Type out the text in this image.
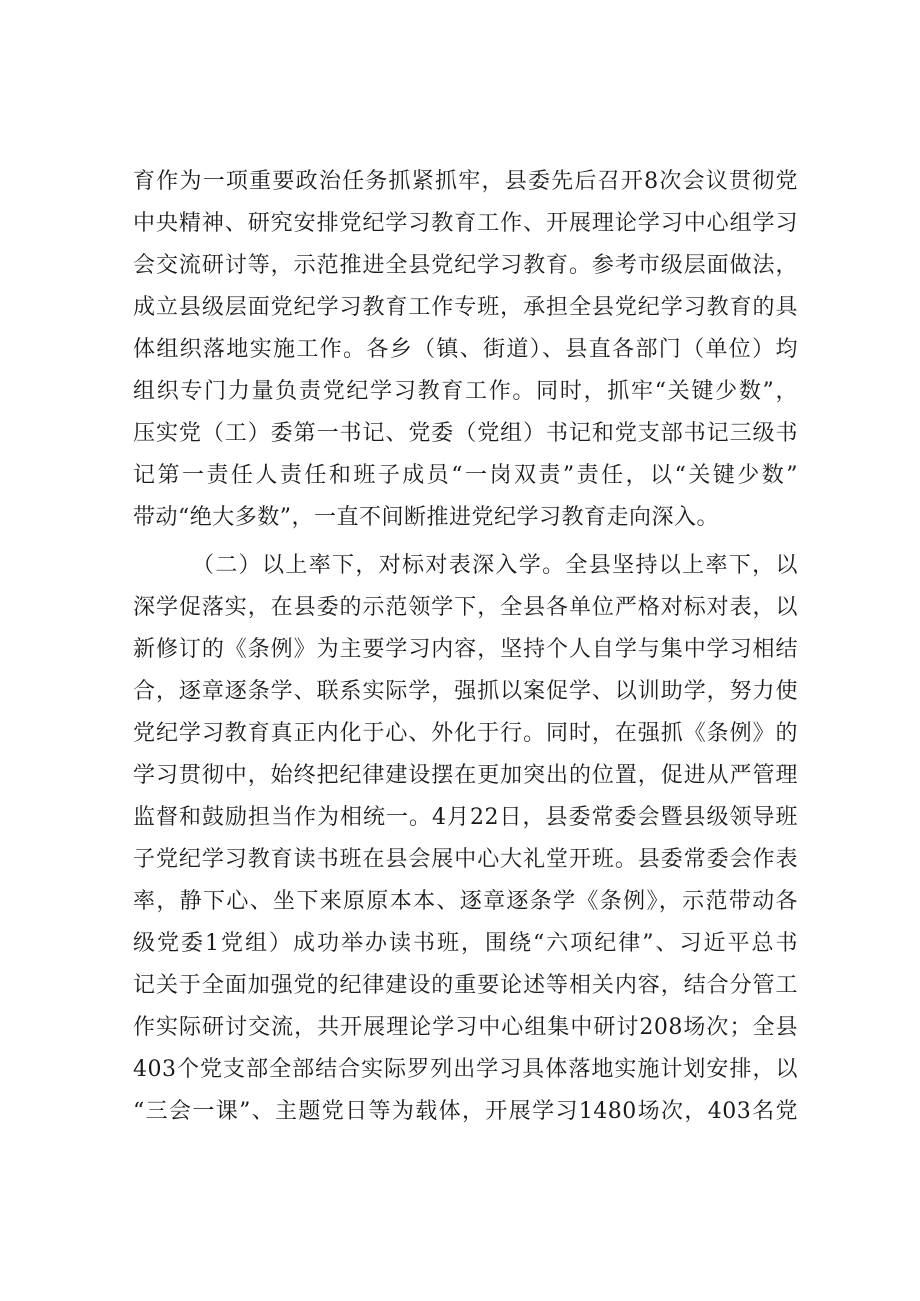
育作为一项重要政治任务抓紧抓牢，县委先后召开8次会议贯彻党
中央精神、研究安排党纪学习教育工作、开展理论学习中心组学习
会交流研讨等，示范推进全县党纪学习教育。参考市级层面做法，
成立县级层面党纪学习教育工作专班，承担全县党纪学习教育的具
体组织落地实施工作。各乡（镇、街道）、县直各部门（单位）均
组织专门力量负责党纪学习教育工作。同时，抓牢“关键少数”，
压实党（工）委第一书记、党委（党组）书记和党支部书记三级书
记第一责任人责任和班子成员“一岗双责”责任，以“关键少数”
带动“绝大多数”，一直不间断推进党纪学习教育走向深入。
（二）以上率下，对标对表深入学。全县坚持以上率下，以
深学促落实，在县委的示范领学下，全县各单位严格对标对表，以
新修订的《条例》为主要学习内容，坚持个人自学与集中学习相结
合，逐章逐条学、联系实际学，强抓以案促学、以训助学，努力使
党纪学习教育真正内化于心、外化于行。同时，在强抓《条例》的
学习贯彻中，始终把纪律建设摆在更加突出的位置，促进从严管理
监督和鼓励担当作为相统一。4月22日，县委常委会暨县级领导班
子党纪学习教育读书班在县会展中心大礼堂开班。县委常委会作表
率，静下心、坐下来原原本本、逐章逐条学《条例》，示范带动各
级党委1党组）成功举办读书班，围绕“六项纪律”、习近平总书
记关于全面加强党的纪律建设的重要论述等相关内容，结合分管工
作实际研讨交流，共开展理论学习中心组集中研讨208场次；全县
403个党支部全部结合实际罗列出学习具体落地实施计划安排，以
“三会一课”、主题党日等为载体，开展学习1480场次，403名党
